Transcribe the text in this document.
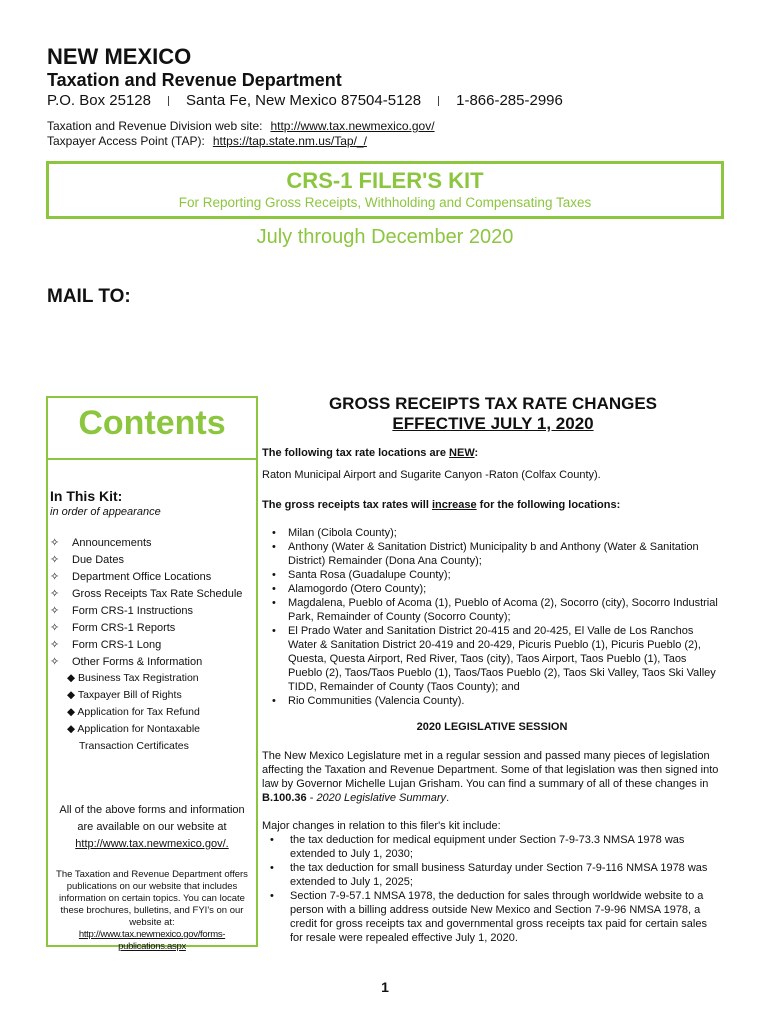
NEW MEXICO
Taxation and Revenue Department
P.O. Box 25128 Santa Fe, New Mexico 87504-5128 1-866-285-2996
Taxation and Revenue Division web site: http://www.tax.newmexico.gov/
Taxpayer Access Point (TAP): https://tap.state.nm.us/Tap/_/
CRS-1 FILER'S KIT
For Reporting Gross Receipts, Withholding and Compensating Taxes
July through December 2020
MAIL TO:
Contents
In This Kit:
in order of appearance
✧ Announcements
✧ Due Dates
✧ Department Office Locations
✧ Gross Receipts Tax Rate Schedule
✧ Form CRS-1 Instructions
✧ Form CRS-1 Reports
✧ Form CRS-1 Long
✧ Other Forms & Information
◆ Business Tax Registration
◆ Taxpayer Bill of Rights
◆ Application for Tax Refund
◆ Application for Nontaxable
Transaction Certificates
All of the above forms and information
are available on our website at
http://www.tax.newmexico.gov/.
The Taxation and Revenue Department offers
publications on our website that includes
information on certain topics. You can locate
these brochures, bulletins, and FYI's on our
website at:
http://www.tax.newmexico.gov/forms-publications.aspx
GROSS RECEIPTS TAX RATE CHANGES
EFFECTIVE JULY 1, 2020
The following tax rate locations are NEW:
Raton Municipal Airport and Sugarite Canyon -Raton (Colfax County).
The gross receipts tax rates will increase for the following locations:
• Milan (Cibola County);
• Anthony (Water & Sanitation District) Municipality b and Anthony (Water & Sanitation District) Remainder (Dona Ana County);
• Santa Rosa (Guadalupe County);
• Alamogordo (Otero County);
• Magdalena, Pueblo of Acoma (1), Pueblo of Acoma (2), Socorro (city), Socorro Industrial Park, Remainder of County (Socorro County);
• El Prado Water and Sanitation District 20-415 and 20-425, El Valle de Los Ranchos Water & Sanitation District 20-419 and 20-429, Picuris Pueblo (1), Picuris Pueblo (2), Questa, Questa Airport, Red River, Taos (city), Taos Airport, Taos Pueblo (1), Taos Pueblo (2), Taos/Taos Pueblo (1), Taos/Taos Pueblo (2), Taos Ski Valley, Taos Ski Valley TIDD, Remainder of County (Taos County); and
• Rio Communities (Valencia County).
2020 LEGISLATIVE SESSION
The New Mexico Legislature met in a regular session and passed many pieces of legislation affecting the Taxation and Revenue Department. Some of that legislation was then signed into law by Governor Michelle Lujan Grisham. You can find a summary of all of these changes in B.100.36 - 2020 Legislative Summary.
Major changes in relation to this filer's kit include:
• the tax deduction for medical equipment under Section 7-9-73.3 NMSA 1978 was extended to July 1, 2030;
• the tax deduction for small business Saturday under Section 7-9-116 NMSA 1978 was extended to July 1, 2025;
• Section 7-9-57.1 NMSA 1978, the deduction for sales through worldwide website to a person with a billing address outside New Mexico and Section 7-9-96 NMSA 1978, a credit for gross receipts tax and governmental gross receipts tax paid for certain sales for resale were repealed effective July 1, 2020.
1
